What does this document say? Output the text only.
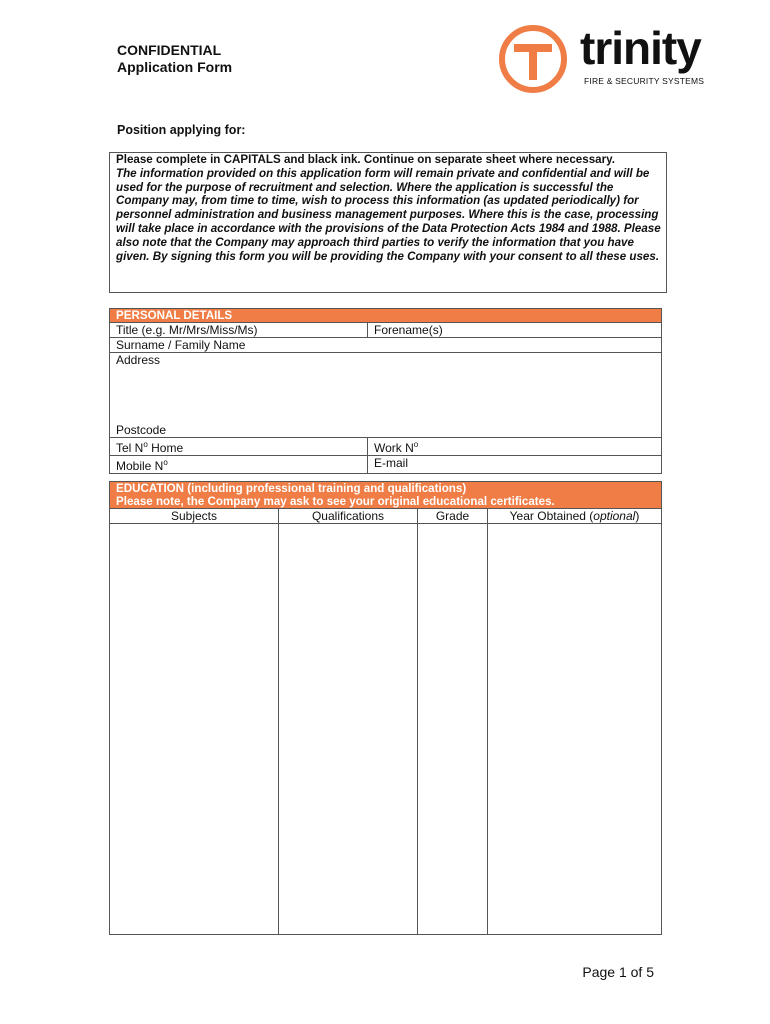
CONFIDENTIAL
Application Form	trinity
FIRE & SECURITY SYSTEMS
Position applying for:
Please complete in CAPITALS and black ink. Continue on separate sheet where necessary.
The information provided on this application form will remain private and confidential and will be used for the purpose of recruitment and selection. Where the application is successful the Company may, from time to time, wish to process this information (as updated periodically) for personnel administration and business management purposes. Where this is the case, processing will take place in accordance with the provisions of the Data Protection Acts 1984 and 1988. Please also note that the Company may approach third parties to verify the information that you have given. By signing this form you will be providing the Company with your consent to all these uses.
PERSONAL DETAILS
Title (e.g. Mr/Mrs/Miss/Ms)	Forename(s)
Surname / Family Name
Address
Postcode
Tel $N^o$ Home	Work $N^o$
Mobile $N^o$	E-mail
EDUCATION (including professional training and qualifications)
Please note, the Company may ask to see your original educational certificates.
Subjects	Qualifications	Grade	Year Obtained (optional)
Page 1 of 5
